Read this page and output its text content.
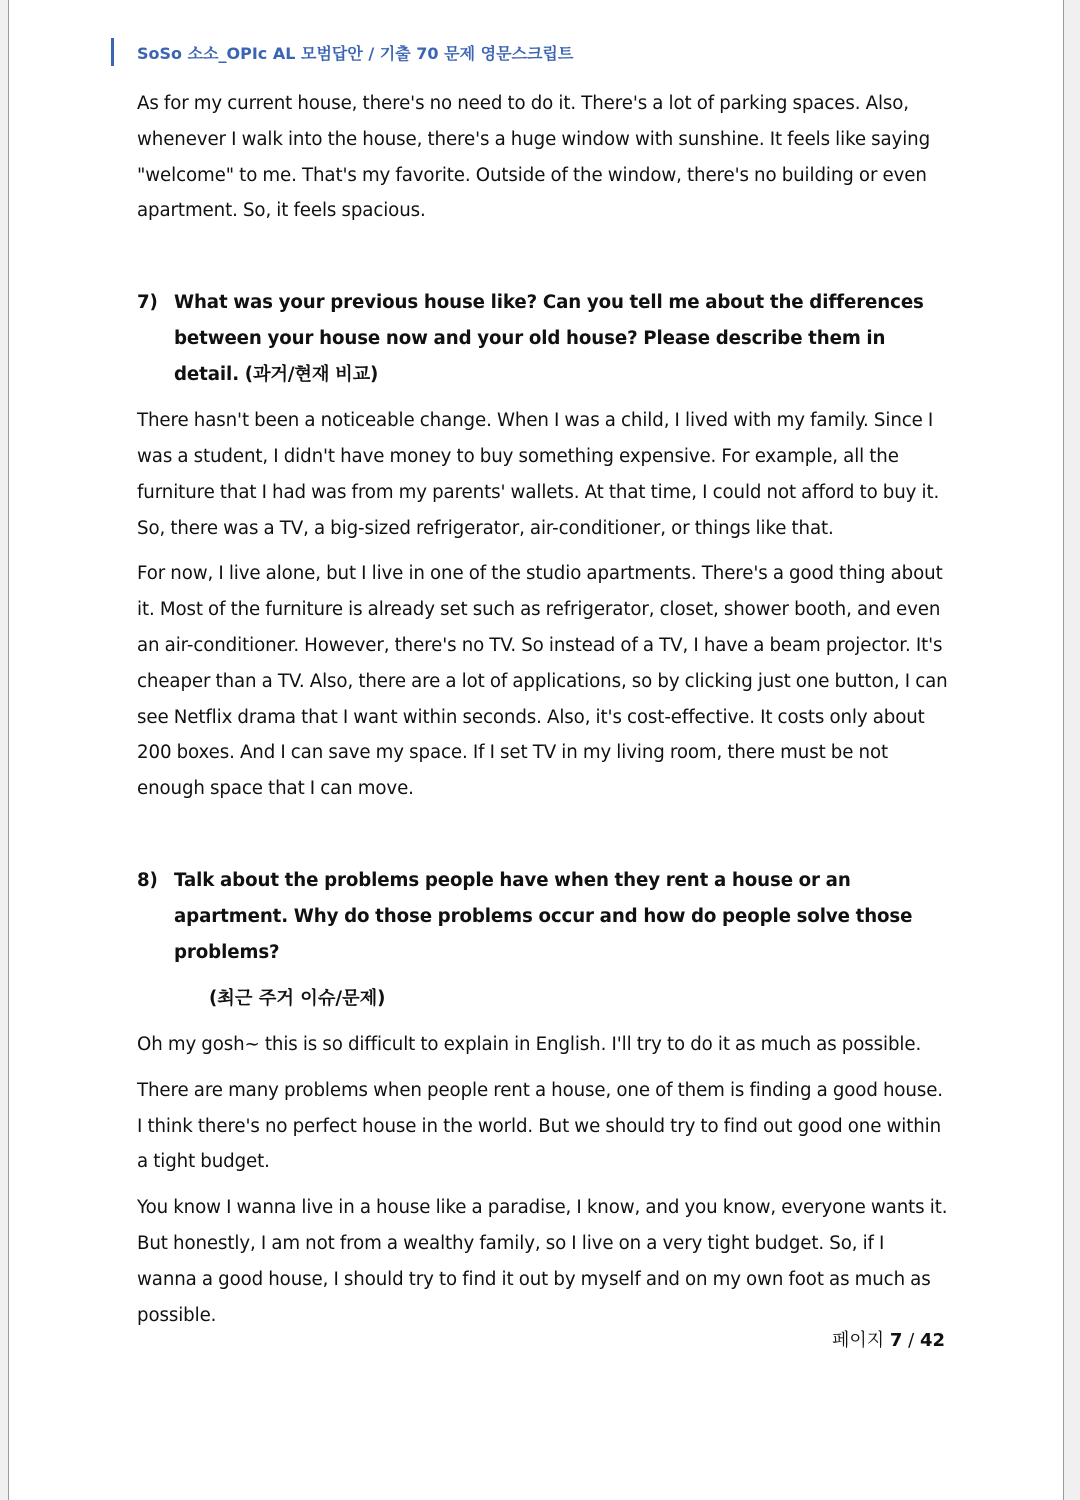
SoSo 소소_OPIc AL 모범답안 / 기출 70 문제 영문스크립트

As for my current house, there's no need to do it. There's a lot of parking spaces. Also, whenever I walk into the house, there's a huge window with sunshine. It feels like saying "welcome" to me. That's my favorite. Outside of the window, there's no building or even apartment. So, it feels spacious.

7) What was your previous house like? Can you tell me about the differences between your house now and your old house? Please describe them in detail. (과거/현재 비교)

There hasn't been a noticeable change. When I was a child, I lived with my family. Since I was a student, I didn't have money to buy something expensive. For example, all the furniture that I had was from my parents' wallets. At that time, I could not afford to buy it. So, there was a TV, a big-sized refrigerator, air-conditioner, or things like that.

For now, I live alone, but I live in one of the studio apartments. There's a good thing about it. Most of the furniture is already set such as refrigerator, closet, shower booth, and even an air-conditioner. However, there's no TV. So instead of a TV, I have a beam projector. It's cheaper than a TV. Also, there are a lot of applications, so by clicking just one button, I can see Netflix drama that I want within seconds. Also, it's cost-effective. It costs only about 200 boxes. And I can save my space. If I set TV in my living room, there must be not enough space that I can move.

8) Talk about the problems people have when they rent a house or an apartment. Why do those problems occur and how do people solve those problems?

(최근 주거 이슈/문제)

Oh my gosh~ this is so difficult to explain in English. I'll try to do it as much as possible.

There are many problems when people rent a house, one of them is finding a good house. I think there's no perfect house in the world. But we should try to find out good one within a tight budget.

You know I wanna live in a house like a paradise, I know, and you know, everyone wants it. But honestly, I am not from a wealthy family, so I live on a very tight budget. So, if I wanna a good house, I should try to find it out by myself and on my own foot as much as possible.

페이지 7 / 42
